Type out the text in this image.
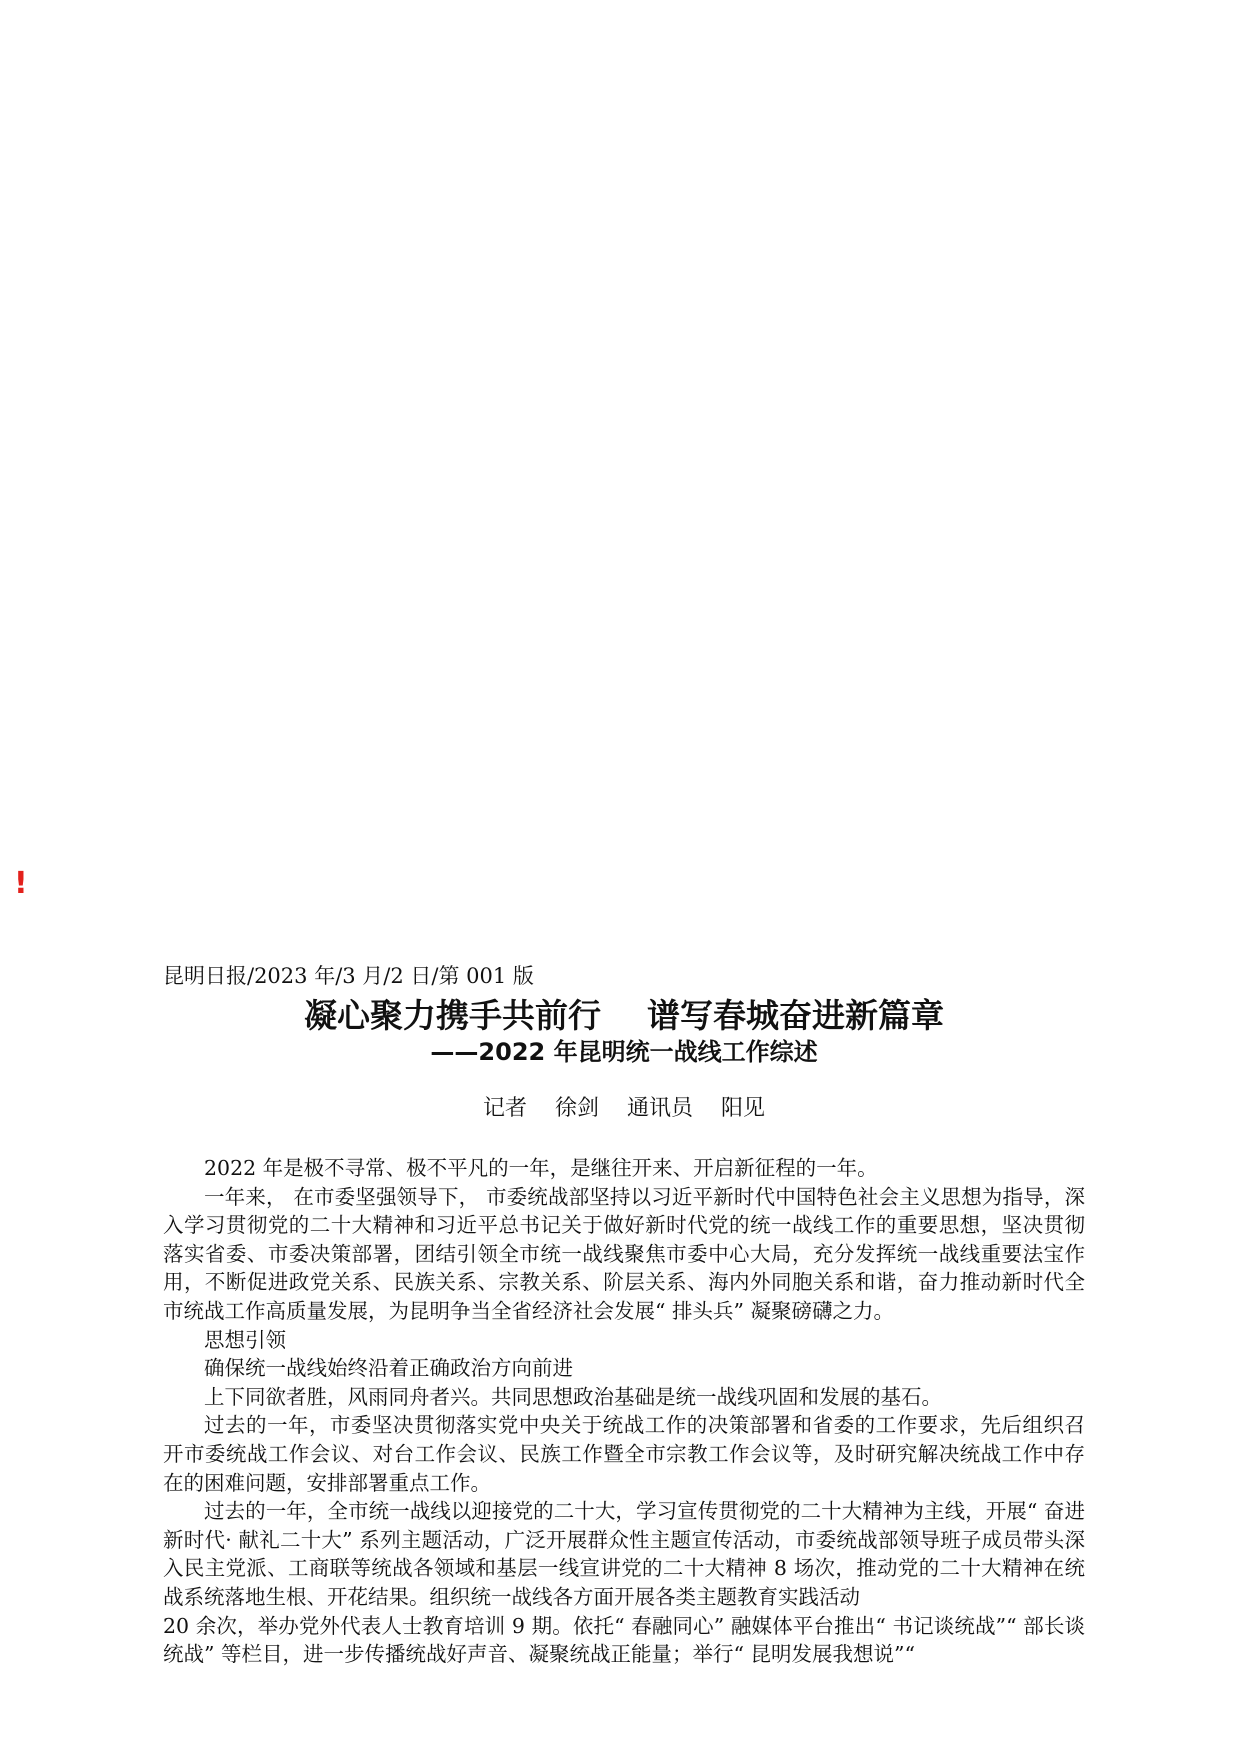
!
昆明日报/2023 年/3 月/2 日/第 001 版
凝心聚力携手共前行    谱写春城奋进新篇章
——2022 年昆明统一战线工作综述
记者    徐剑    通讯员    阳见

2022 年是极不寻常、极不平凡的一年，是继往开来、开启新征程的一年。

一年来， 在市委坚强领导下， 市委统战部坚持以习近平新时代中国特色社会主义思想为指导，深入学习贯彻党的二十大精神和习近平总书记关于做好新时代党的统一战线工作的重要思想，坚决贯彻落实省委、市委决策部署，团结引领全市统一战线聚焦市委中心大局，充分发挥统一战线重要法宝作用，不断促进政党关系、民族关系、宗教关系、阶层关系、海内外同胞关系和谐，奋力推动新时代全市统战工作高质量发展，为昆明争当全省经济社会发展“ 排头兵” 凝聚磅礴之力。

思想引领

确保统一战线始终沿着正确政治方向前进

上下同欲者胜，风雨同舟者兴。共同思想政治基础是统一战线巩固和发展的基石。

过去的一年，市委坚决贯彻落实党中央关于统战工作的决策部署和省委的工作要求，先后组织召开市委统战工作会议、对台工作会议、民族工作暨全市宗教工作会议等，及时研究解决统战工作中存在的困难问题，安排部署重点工作。

过去的一年，全市统一战线以迎接党的二十大，学习宣传贯彻党的二十大精神为主线，开展“ 奋进新时代· 献礼二十大” 系列主题活动，广泛开展群众性主题宣传活动，市委统战部领导班子成员带头深入民主党派、工商联等统战各领域和基层一线宣讲党的二十大精神 8 场次，推动党的二十大精神在统战系统落地生根、开花结果。组织统一战线各方面开展各类主题教育实践活动

20 余次，举办党外代表人士教育培训 9 期。依托“ 春融同心” 融媒体平台推出“ 书记谈统战”“ 部长谈统战” 等栏目，进一步传播统战好声音、凝聚统战正能量；举行“ 昆明发展我想说”“
